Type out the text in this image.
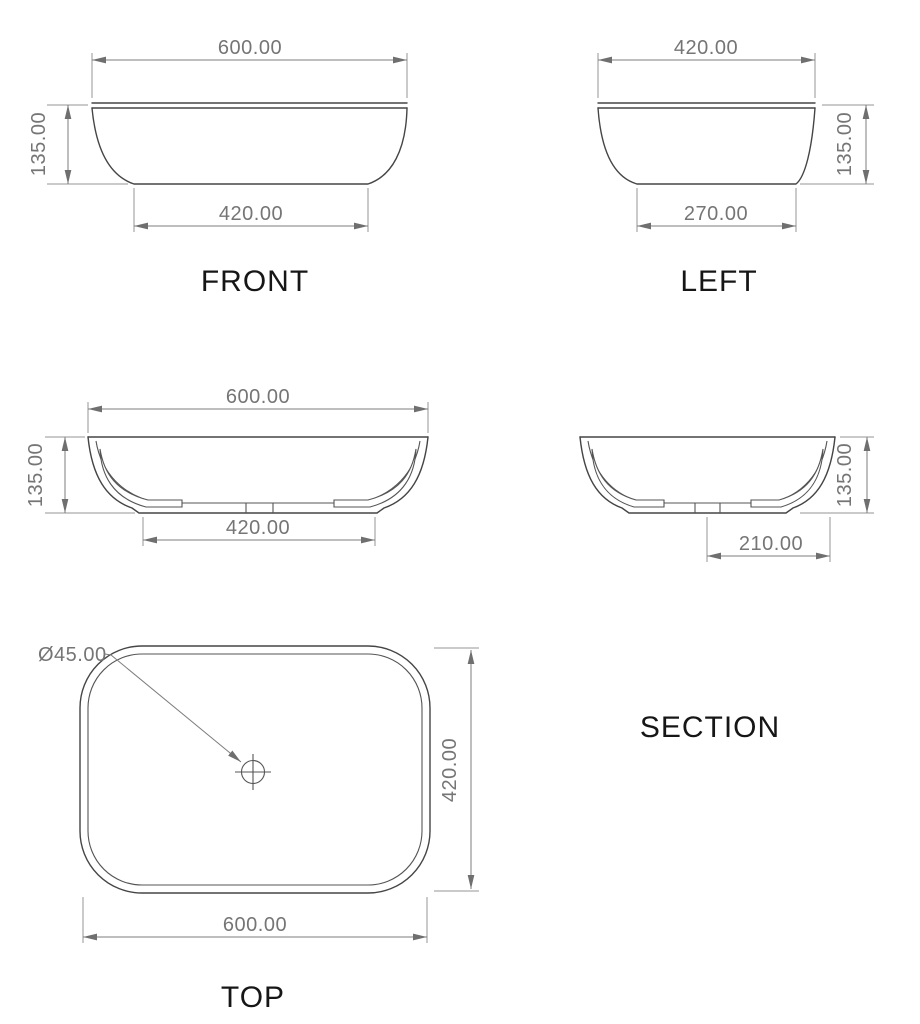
600.00
135.00
420.00
FRONT
420.00
135.00
270.00
LEFT
600.00
135.00
420.00
135.00
210.00
SECTION
Ø45.00
420.00
600.00
TOP
